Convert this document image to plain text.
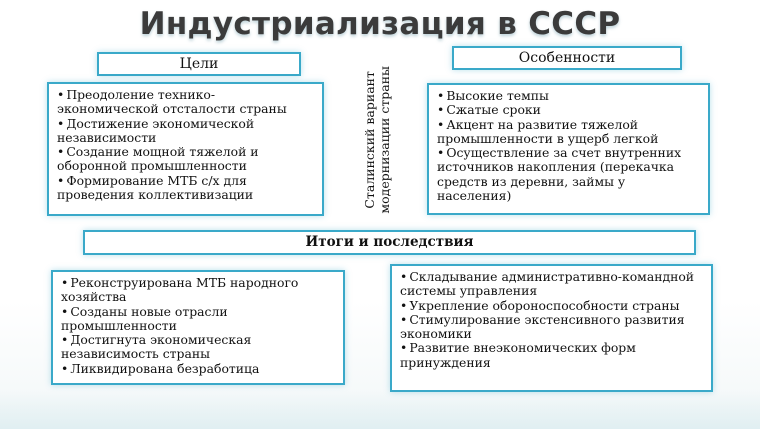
Индустриализация в СССР
Цели
• Преодоление технико-экономической отсталости страны
• Достижение экономической независимости
• Создание мощной тяжелой и оборонной промышленности
• Формирование МТБ с/х для проведения коллективизации	Сталинский вариант
модернизации страны
Особенности
• Высокие темпы
• Сжатые сроки
• Акцент на развитие тяжелой промышленности в ущерб легкой
• Осуществление за счет внутренних источников накопления (перекачка средств из деревни, займы у населения)
Итоги и последствия
• Реконструирована МТБ народного хозяйства
• Созданы новые отрасли промышленности
• Достигнута экономическая независимость страны
• Ликвидирована безработица
• Складывание административно-командной системы управления
• Укрепление обороноспособности страны
• Стимулирование экстенсивного развития экономики
• Развитие внеэкономических форм принуждения
